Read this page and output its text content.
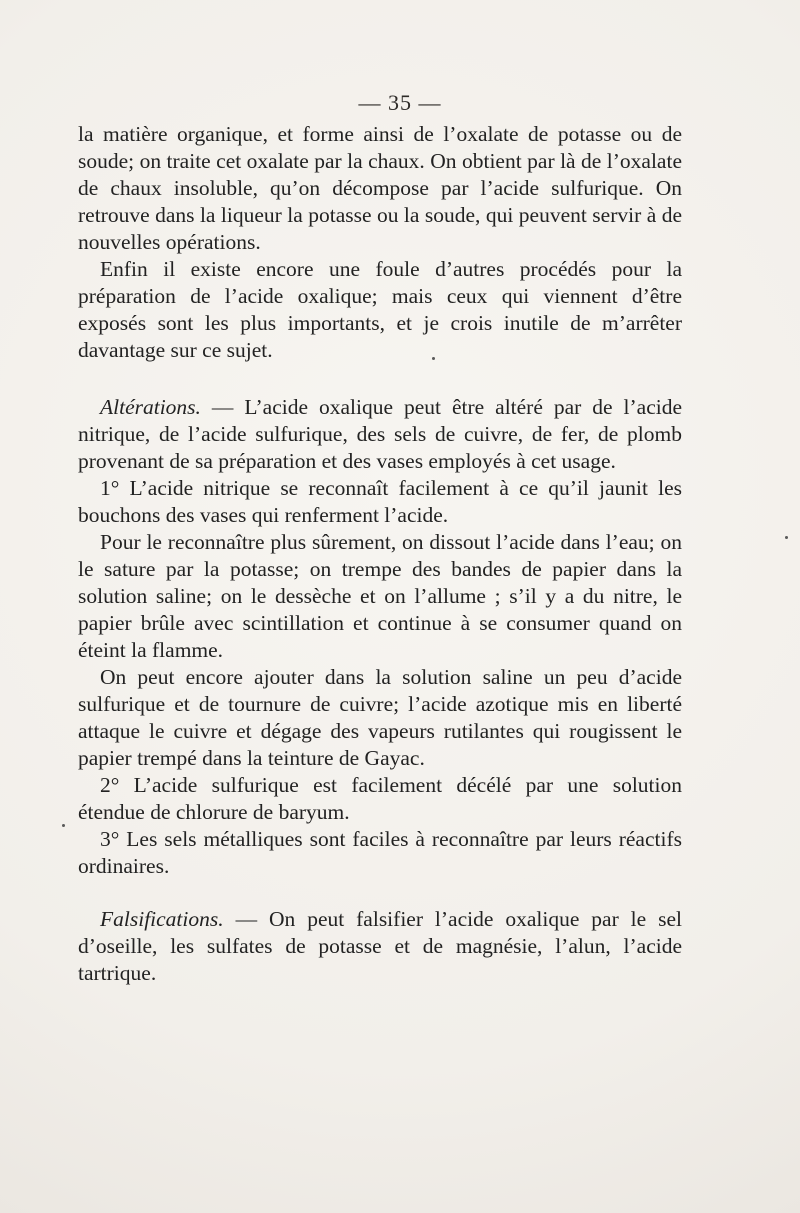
— 35 —

la matière organique, et forme ainsi de l’oxalate de potasse ou de soude; on traite cet oxalate par la chaux. On obtient par là de l’oxalate de chaux insoluble, qu’on décompose par l’acide sulfurique. On retrouve dans la liqueur la potasse ou la soude, qui peuvent servir à de nouvelles opérations.

Enfin il existe encore une foule d’autres procédés pour la préparation de l’acide oxalique; mais ceux qui viennent d’être exposés sont les plus importants, et je crois inutile de m’arrêter davantage sur ce sujet.

Altérations. — L’acide oxalique peut être altéré par de l’acide nitrique, de l’acide sulfurique, des sels de cuivre, de fer, de plomb provenant de sa préparation et des vases employés à cet usage.

1° L’acide nitrique se reconnaît facilement à ce qu’il jaunit les bouchons des vases qui renferment l’acide.

Pour le reconnaître plus sûrement, on dissout l’acide dans l’eau; on le sature par la potasse; on trempe des bandes de papier dans la solution saline; on le dessèche et on l’allume ; s’il y a du nitre, le papier brûle avec scintillation et continue à se consumer quand on éteint la flamme.

On peut encore ajouter dans la solution saline un peu d’acide sulfurique et de tournure de cuivre; l’acide azotique mis en liberté attaque le cuivre et dégage des vapeurs rutilantes qui rougissent le papier trempé dans la teinture de Gayac.

2° L’acide sulfurique est facilement décélé par une solution étendue de chlorure de baryum.

3° Les sels métalliques sont faciles à reconnaître par leurs réactifs ordinaires.

Falsifications. — On peut falsifier l’acide oxalique par le sel d’oseille, les sulfates de potasse et de magnésie, l’alun, l’acide tartrique.
